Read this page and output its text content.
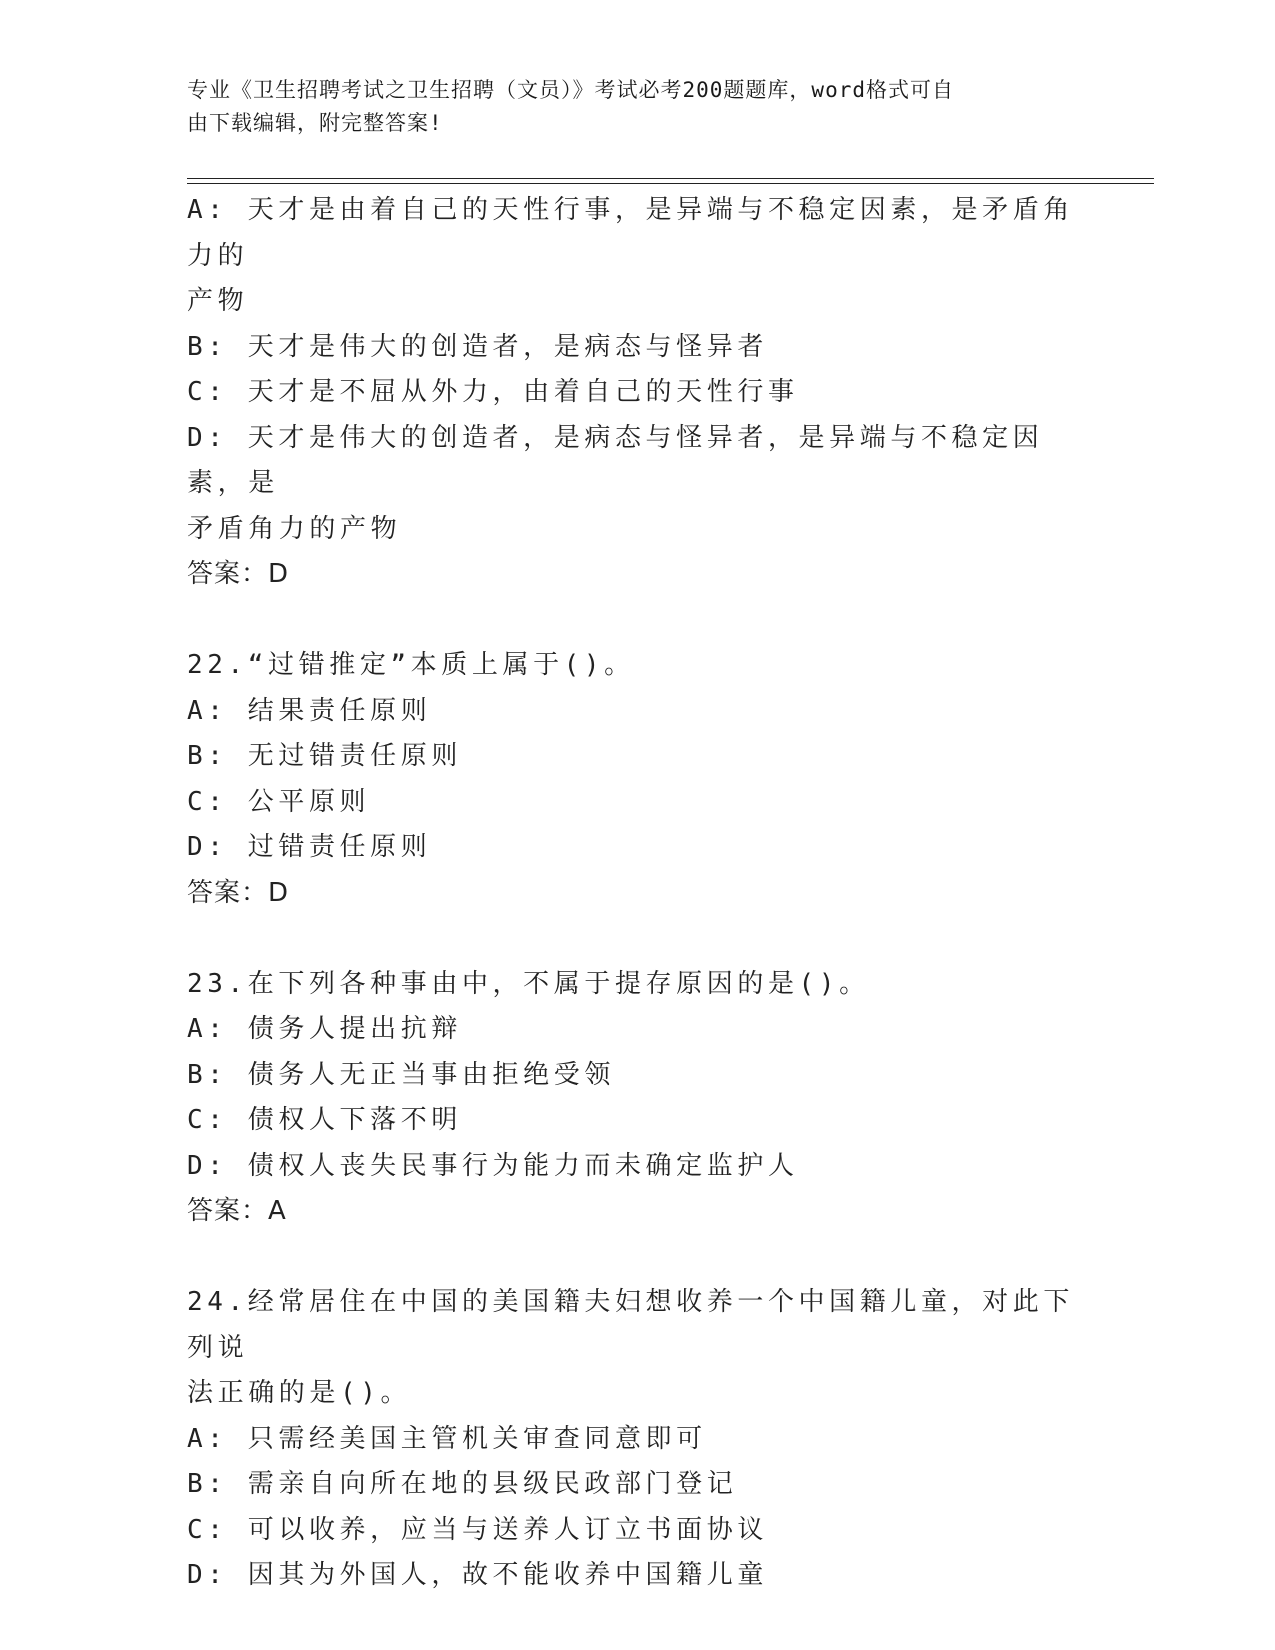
专业《卫生招聘考试之卫生招聘（文员）》考试必考200题题库，word格式可自
由下载编辑，附完整答案!
A: 天才是由着自己的天性行事，是异端与不稳定因素，是矛盾角力的
产物
B: 天才是伟大的创造者，是病态与怪异者
C: 天才是不屈从外力，由着自己的天性行事
D: 天才是伟大的创造者，是病态与怪异者，是异端与不稳定因素，是
矛盾角力的产物
答案：D
22.“过错推定”本质上属于()。
A: 结果责任原则
B: 无过错责任原则
C: 公平原则
D: 过错责任原则
答案：D
23.在下列各种事由中，不属于提存原因的是()。
A: 债务人提出抗辩
B: 债务人无正当事由拒绝受领
C: 债权人下落不明
D: 债权人丧失民事行为能力而未确定监护人
答案：A
24.经常居住在中国的美国籍夫妇想收养一个中国籍儿童，对此下列说
法正确的是()。
A: 只需经美国主管机关审查同意即可
B: 需亲自向所在地的县级民政部门登记
C: 可以收养，应当与送养人订立书面协议
D: 因其为外国人，故不能收养中国籍儿童
